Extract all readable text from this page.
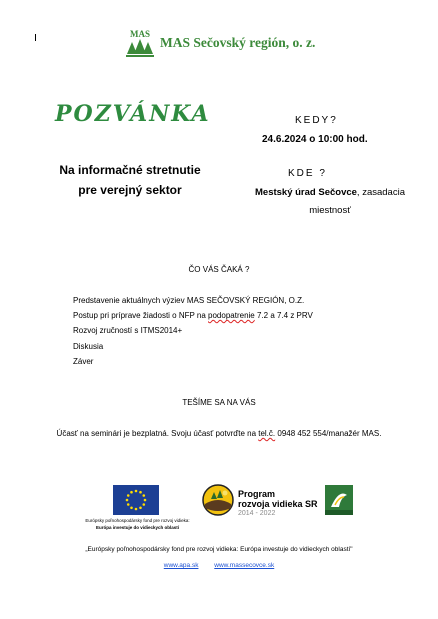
MAS
MAS Sečovský región, o. z.
POZVÁNKA	KEDY?
24.6.2024 o 10:00 hod.
Na informačné stretnutie
pre verejný sektor
KDE ?
Mestský úrad Sečovce, zasadacia
miestnosť
ČO VÁS ČAKÁ ?
Predstavenie aktuálnych výziev MAS SEČOVSKÝ REGIÓN, O.Z.
Postup pri príprave žiadosti o NFP na podopatrenie 7.2 a 7.4 z PRV
Rozvoj zručností s ITMS2014+
Diskusia
Záver
TEŠÍME SA NA VÁS
Účasť na seminári je bezplatná. Svoju účasť potvrďte na tel.č. 0948 452 554/manažér MAS.
Európsky poľnohospodársky fond pre rozvoj vidieka:
Európa investuje do vidieckych oblastí
Program
rozvoja vidieka SR
2014 - 2022
„Európsky poľnohospodársky fond pre rozvoj vidieka: Európa investuje do vidieckych oblastí"
www.apa.sk www.massecovce.sk
